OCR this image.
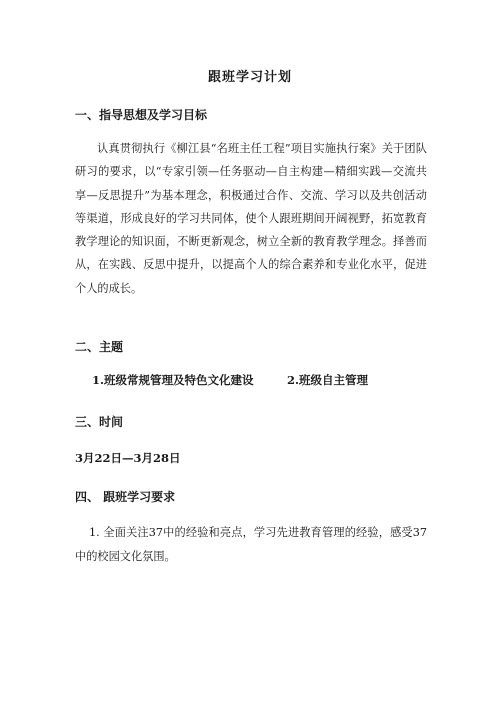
跟班学习计划
一、指导思想及学习目标
认真贯彻执行《柳江县“名班主任工程”项目实施执行案》关于团队研习的要求，以“专家引领—任务驱动—自主构建—精细实践—交流共享—反思提升”为基本理念，积极通过合作、交流、学习以及共创活动等渠道，形成良好的学习共同体，使个人跟班期间开阔视野，拓宽教育教学理论的知识面，不断更新观念，树立全新的教育教学理念。择善而从，在实践、反思中提升，以提高个人的综合素养和专业化水平，促进个人的成长。
二、主题
1.班级常规管理及特色文化建设	2.班级自主管理
三、时间
3月22日—3月28日
四、 跟班学习要求
1. 全面关注37中的经验和亮点，学习先进教育管理的经验，感受37中的校园文化氛围。
